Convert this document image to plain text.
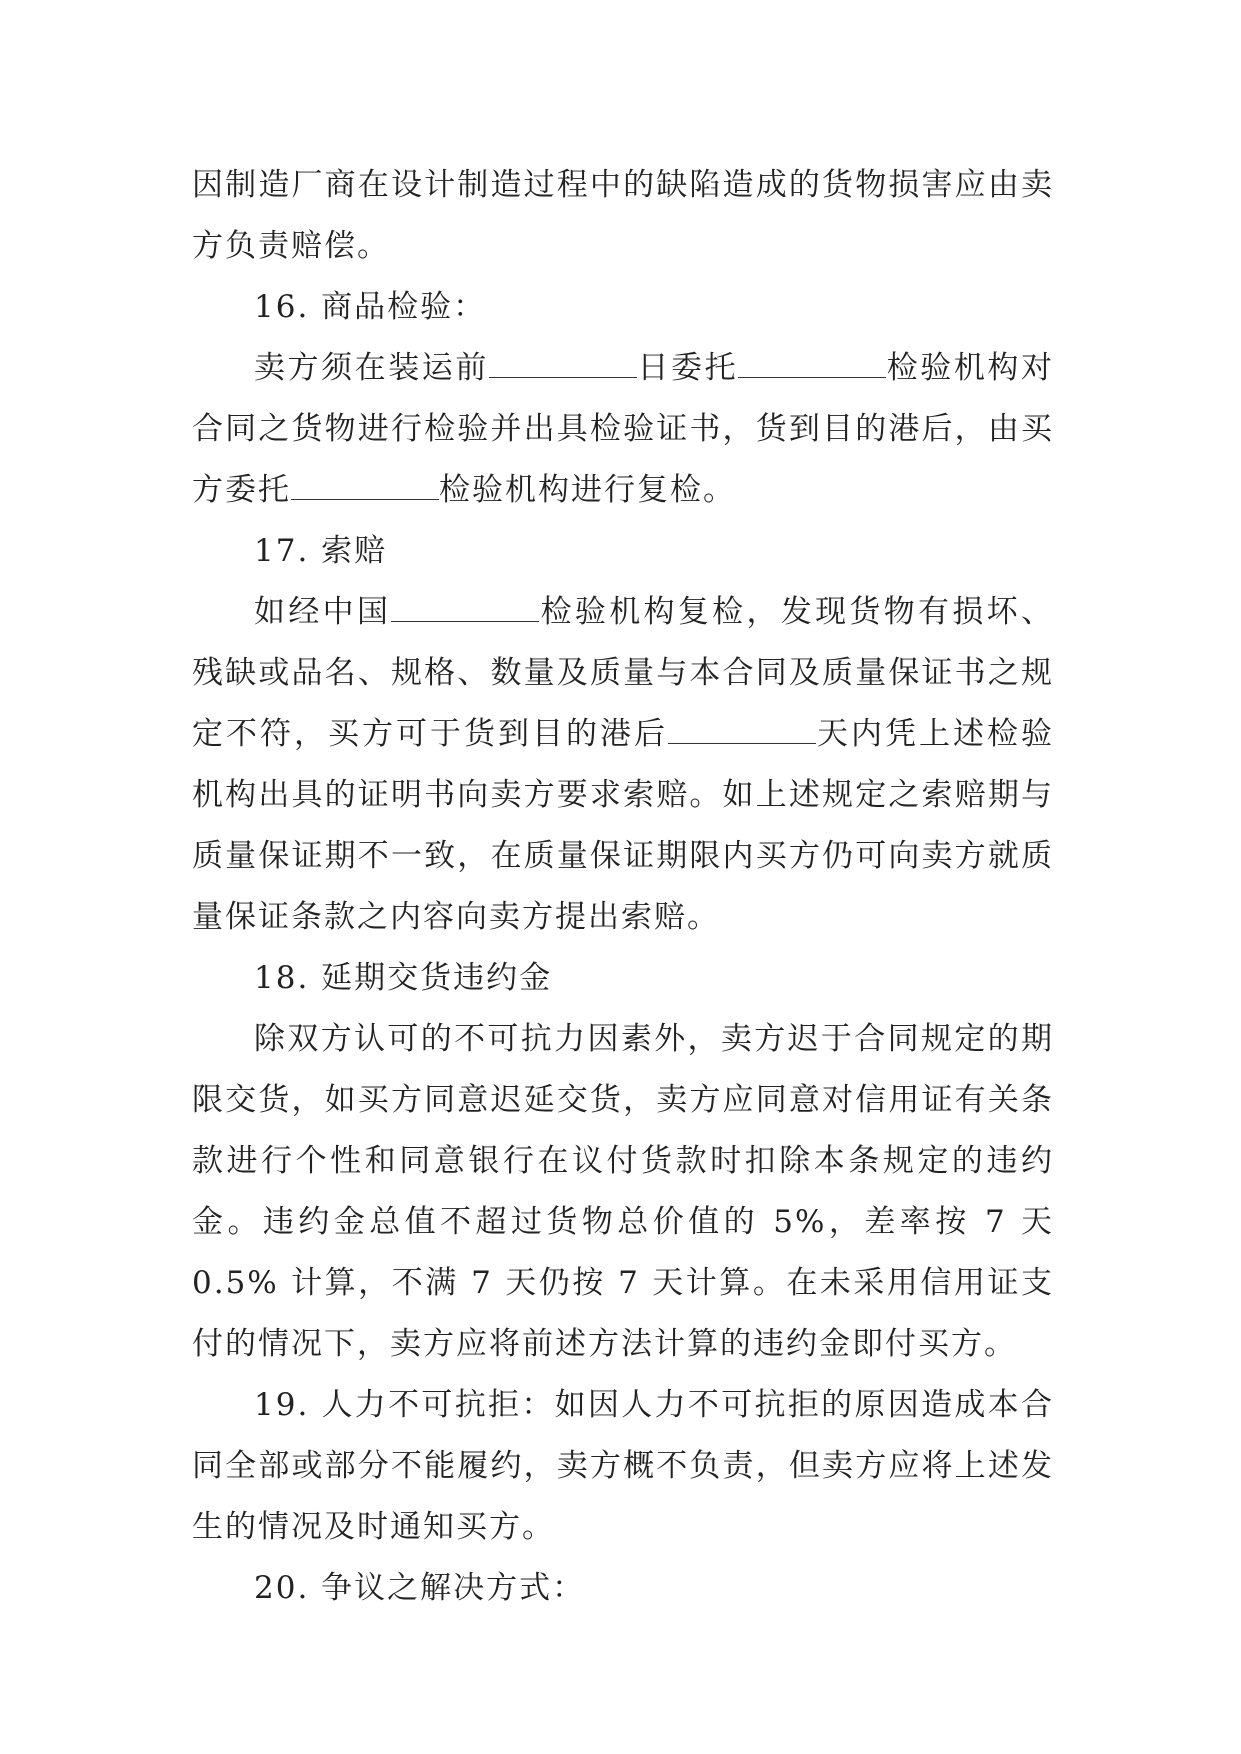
因制造厂商在设计制造过程中的缺陷造成的货物损害应由卖方负责赔偿。

16. 商品检验：

卖方须在装运前	日委托	检验机构对合同之货物进行检验并出具检验证书，货到目的港后，由买方委托	检验机构进行复检。

17. 索赔

如经中国	检验机构复检，发现货物有损坏、残缺或品名、规格、数量及质量与本合同及质量保证书之规定不符，买方可于货到目的港后	天内凭上述检验机构出具的证明书向卖方要求索赔。如上述规定之索赔期与质量保证期不一致，在质量保证期限内买方仍可向卖方就质量保证条款之内容向卖方提出索赔。

18. 延期交货违约金

除双方认可的不可抗力因素外，卖方迟于合同规定的期限交货，如买方同意迟延交货，卖方应同意对信用证有关条款进行个性和同意银行在议付货款时扣除本条规定的违约金。违约金总值不超过货物总价值的 5%，差率按 7 天 0.5% 计算，不满 7 天仍按 7 天计算。在未采用信用证支付的情况下，卖方应将前述方法计算的违约金即付买方。

19. 人力不可抗拒：如因人力不可抗拒的原因造成本合同全部或部分不能履约，卖方概不负责，但卖方应将上述发生的情况及时通知买方。

20. 争议之解决方式：
